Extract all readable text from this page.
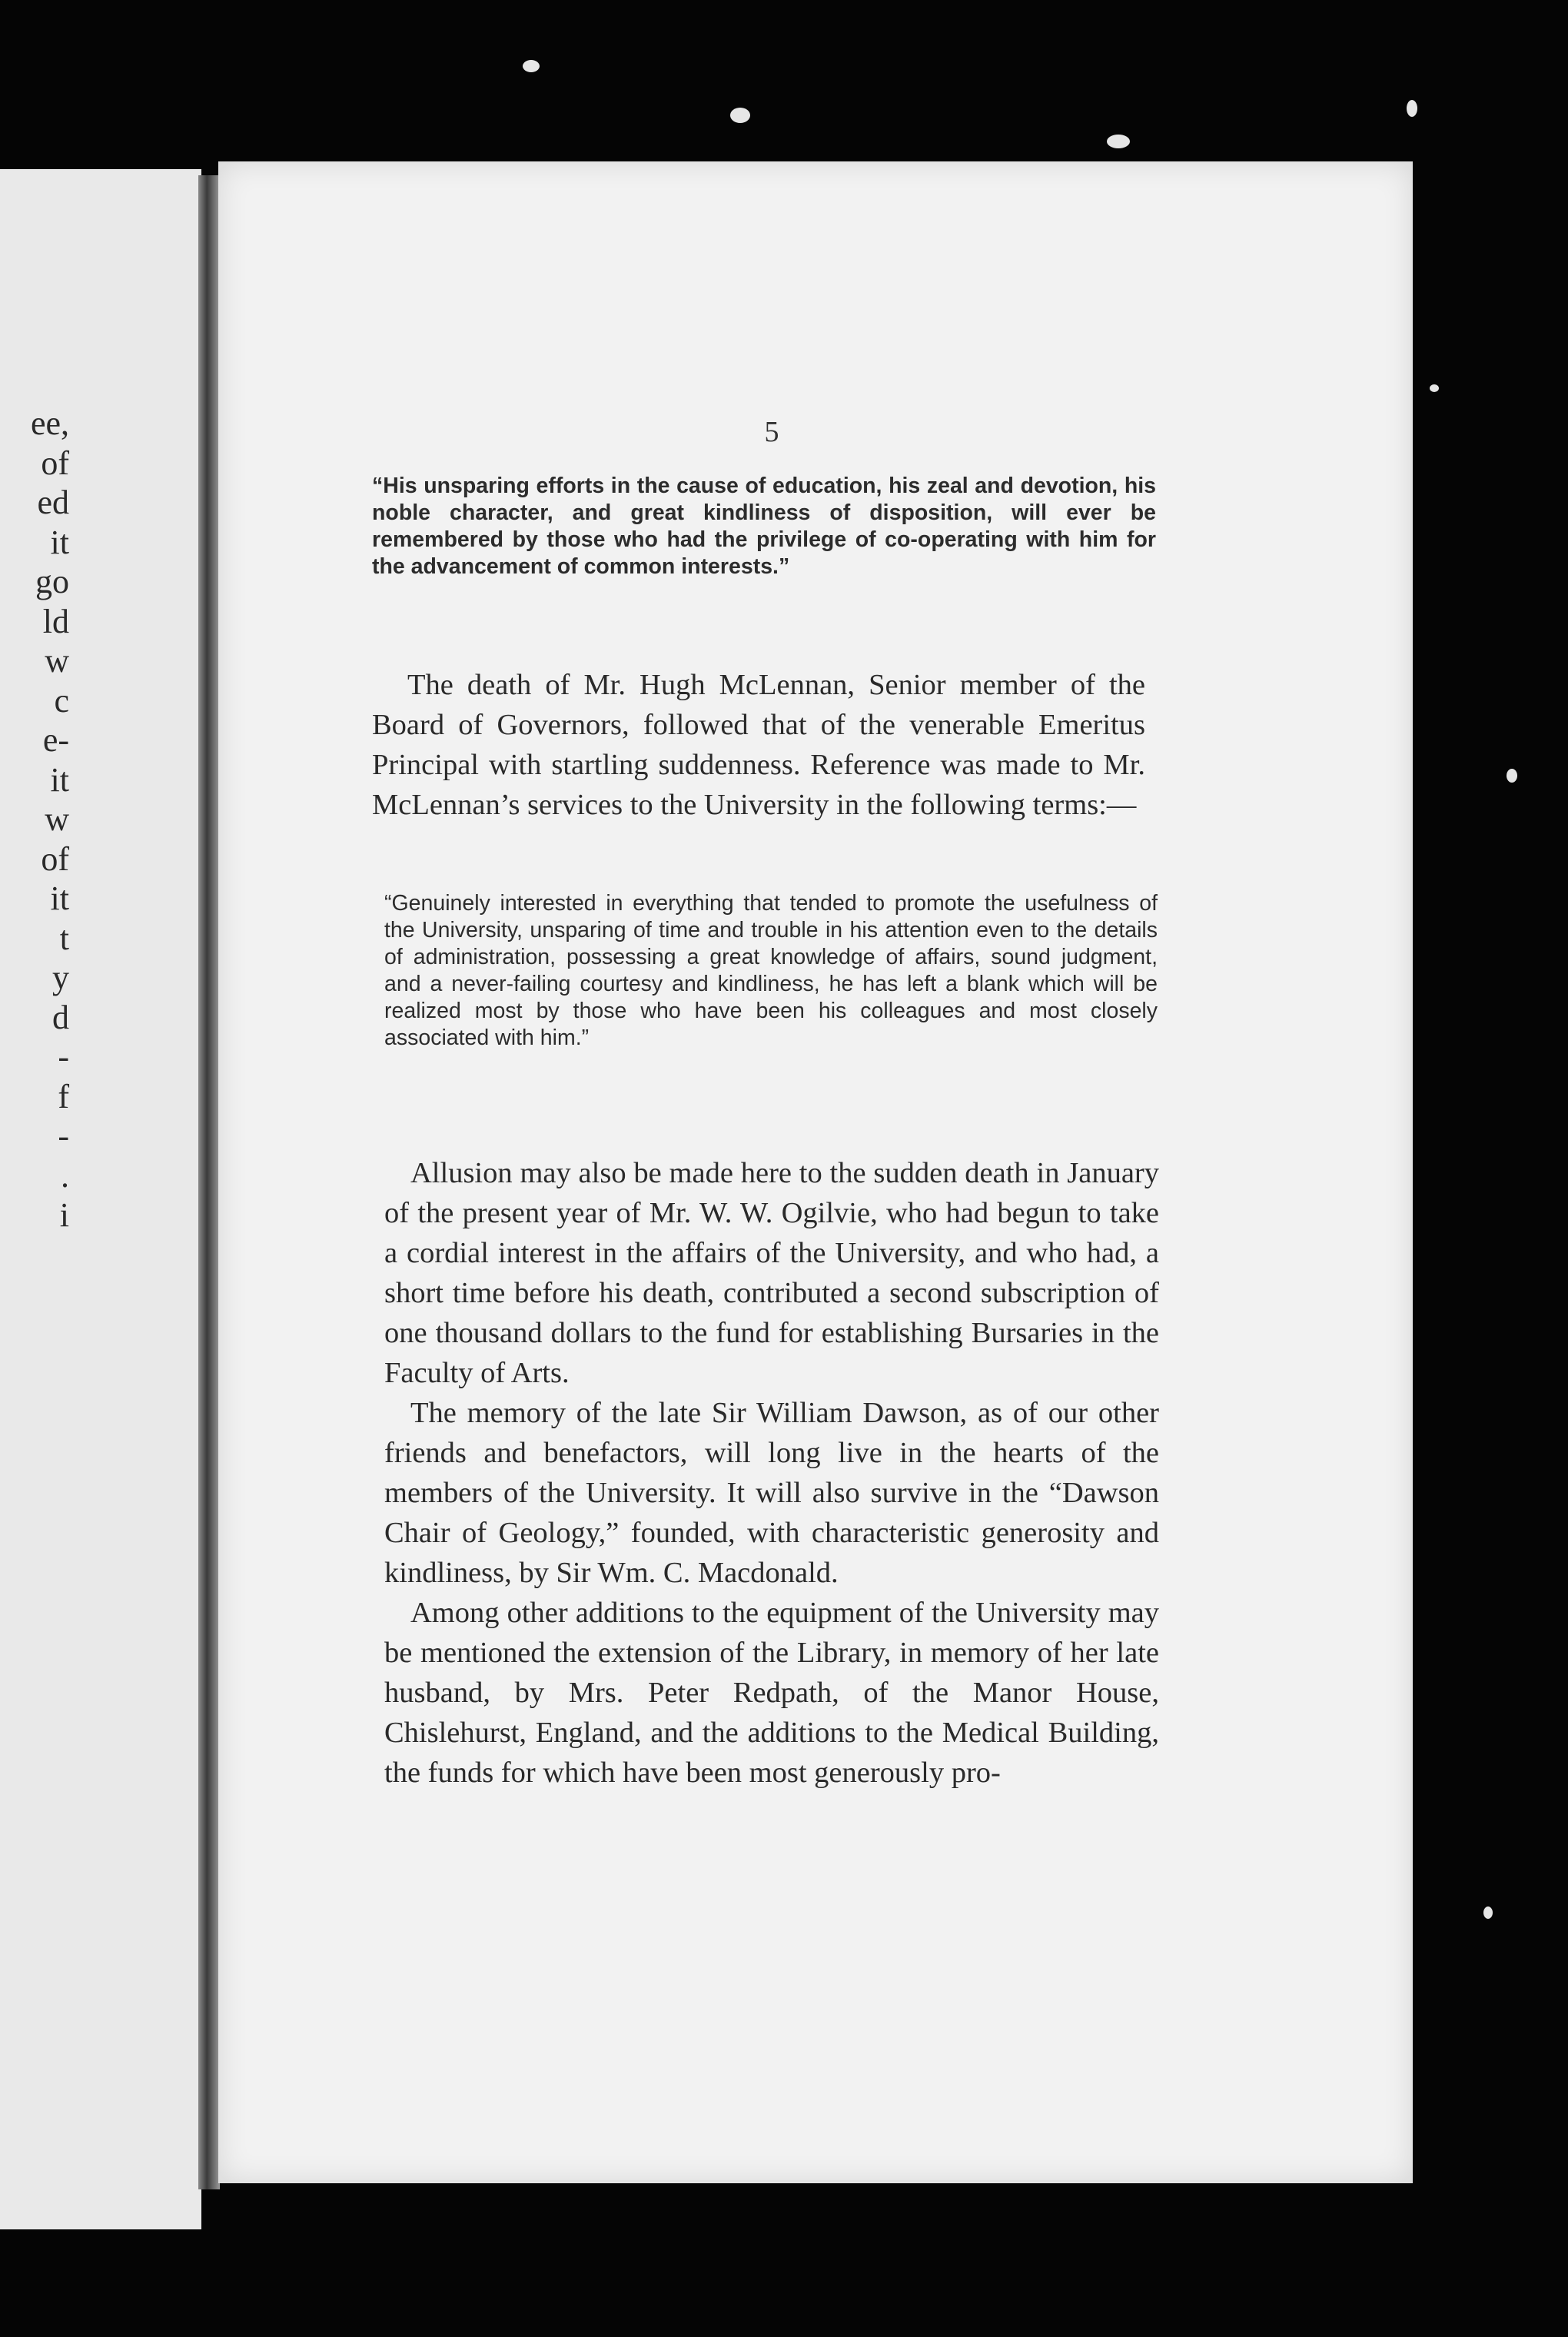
ee,
of
ed
it
go
ld
w
c
e-
it
w
of
it
t
y
d
-
f
-
.
i
5
“His unsparing efforts in the cause of education, his zeal and devotion, his noble character, and great kindliness of disposition, will ever be remembered by those who had the privilege of co-operating with him for the advancement of common interests.”
The death of Mr. Hugh McLennan, Senior member of the Board of Governors, followed that of the venerable Emeritus Principal with startling suddenness. Reference was made to Mr. McLennan’s services to the University in the following terms:—
“Genuinely interested in everything that tended to promote the usefulness of the University, unsparing of time and trouble in his attention even to the details of administration, possessing a great knowledge of affairs, sound judgment, and a never-failing courtesy and kindliness, he has left a blank which will be realized most by those who have been his colleagues and most closely associated with him.”

Allusion may also be made here to the sudden death in January of the present year of Mr. W. W. Ogilvie, who had begun to take a cordial interest in the affairs of the University, and who had, a short time before his death, contributed a second subscription of one thousand dollars to the fund for establishing Bursaries in the Faculty of Arts.

The memory of the late Sir William Dawson, as of our other friends and benefactors, will long live in the hearts of the members of the University. It will also survive in the “Dawson Chair of Geology,” founded, with characteristic generosity and kindliness, by Sir Wm. C. Macdonald.

Among other additions to the equipment of the University may be mentioned the extension of the Library, in memory of her late husband, by Mrs. Peter Redpath, of the Manor House, Chislehurst, England, and the additions to the Medical Building, the funds for which have been most generously pro-
